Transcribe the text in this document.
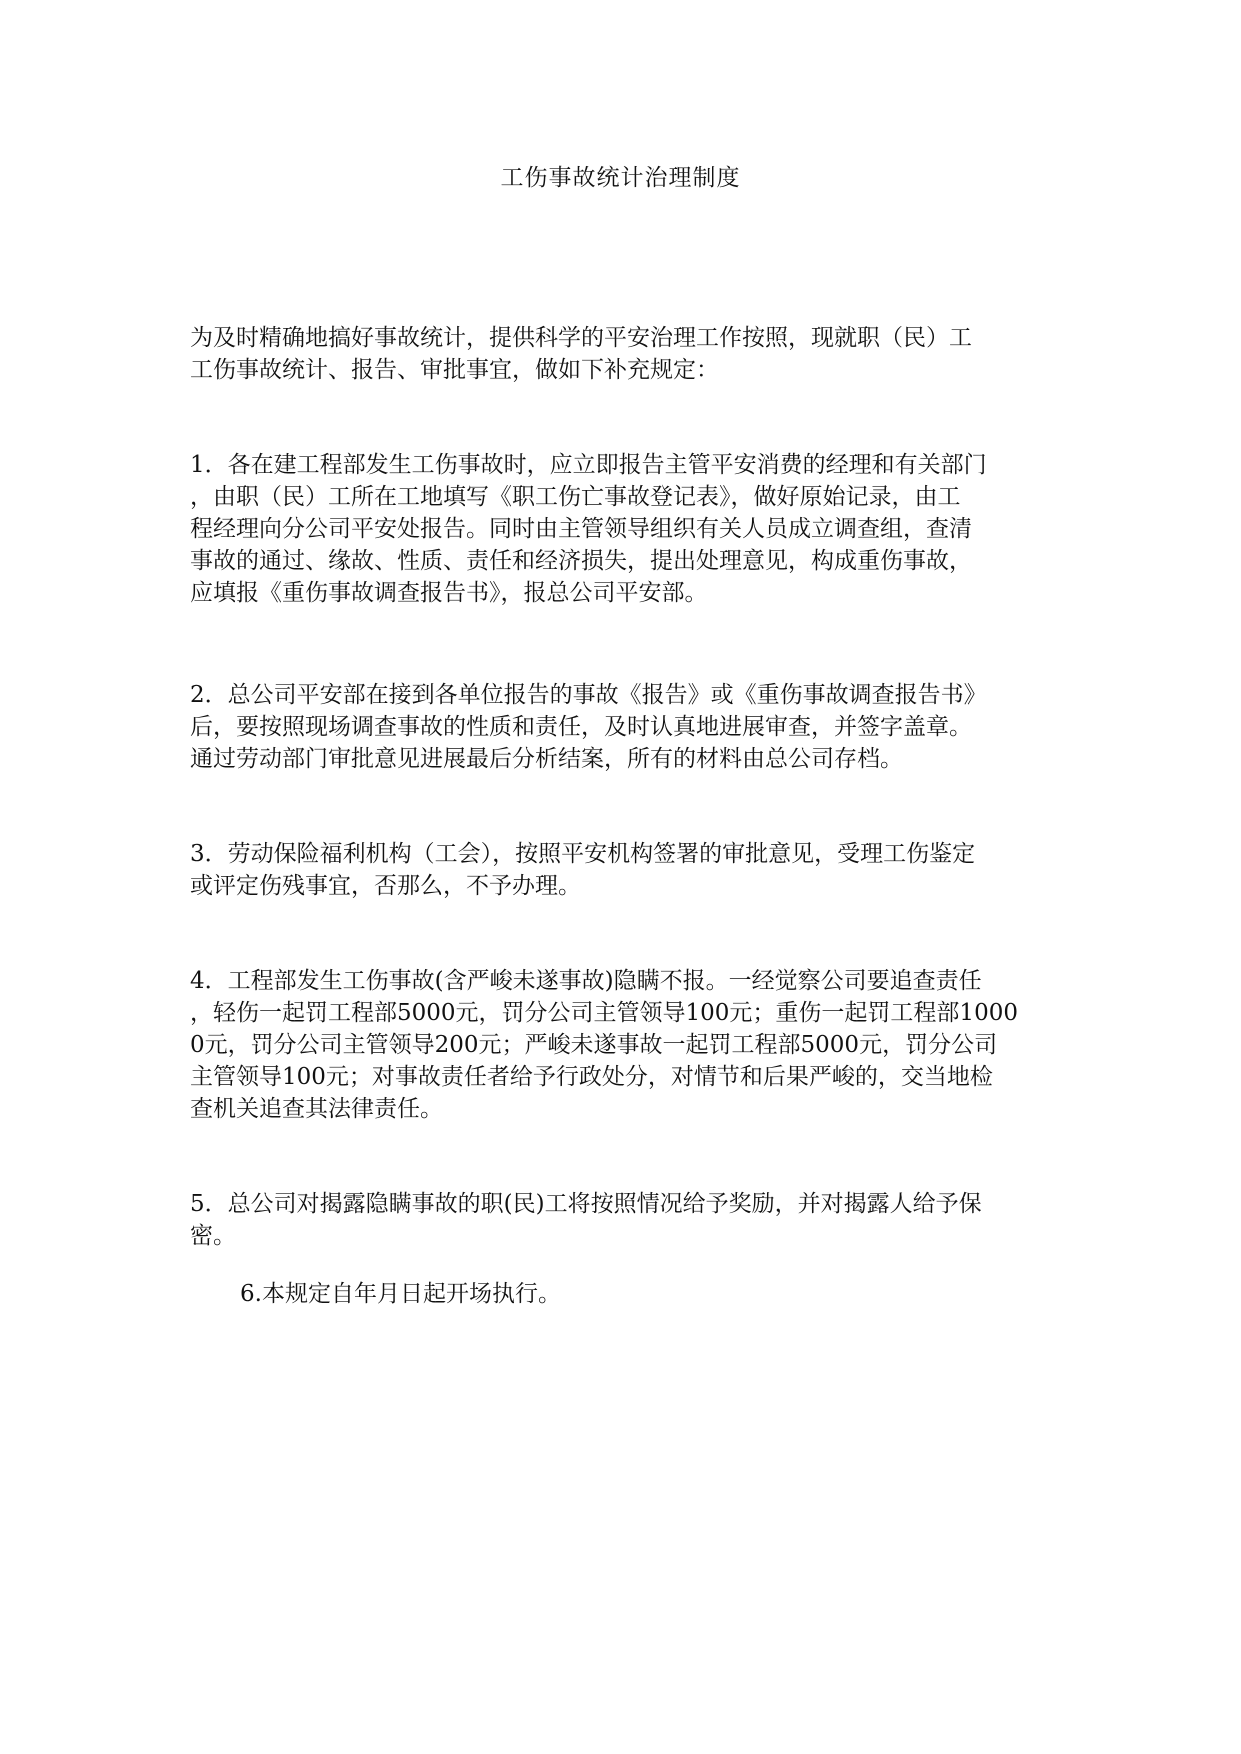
工伤事故统计治理制度

为及时精确地搞好事故统计，提供科学的平安治理工作按照，现就职（民）工
工伤事故统计、报告、审批事宜，做如下补充规定：

1．各在建工程部发生工伤事故时，应立即报告主管平安消费的经理和有关部门
，由职（民）工所在工地填写《职工伤亡事故登记表》，做好原始记录，由工
程经理向分公司平安处报告。同时由主管领导组织有关人员成立调查组，查清
事故的通过、缘故、性质、责任和经济损失，提出处理意见，构成重伤事故，
应填报《重伤事故调查报告书》，报总公司平安部。

2．总公司平安部在接到各单位报告的事故《报告》或《重伤事故调查报告书》
后，要按照现场调查事故的性质和责任，及时认真地进展审查，并签字盖章。
通过劳动部门审批意见进展最后分析结案，所有的材料由总公司存档。

3．劳动保险福利机构（工会），按照平安机构签署的审批意见，受理工伤鉴定
或评定伤残事宜，否那么，不予办理。

4．工程部发生工伤事故(含严峻未遂事故)隐瞒不报。一经觉察公司要追查责任
，轻伤一起罚工程部5000元，罚分公司主管领导100元；重伤一起罚工程部1000
0元，罚分公司主管领导200元；严峻未遂事故一起罚工程部5000元，罚分公司
主管领导100元；对事故责任者给予行政处分，对情节和后果严峻的，交当地检
查机关追查其法律责任。

5．总公司对揭露隐瞒事故的职(民)工将按照情况给予奖励，并对揭露人给予保
密。

6.本规定自年月日起开场执行。
